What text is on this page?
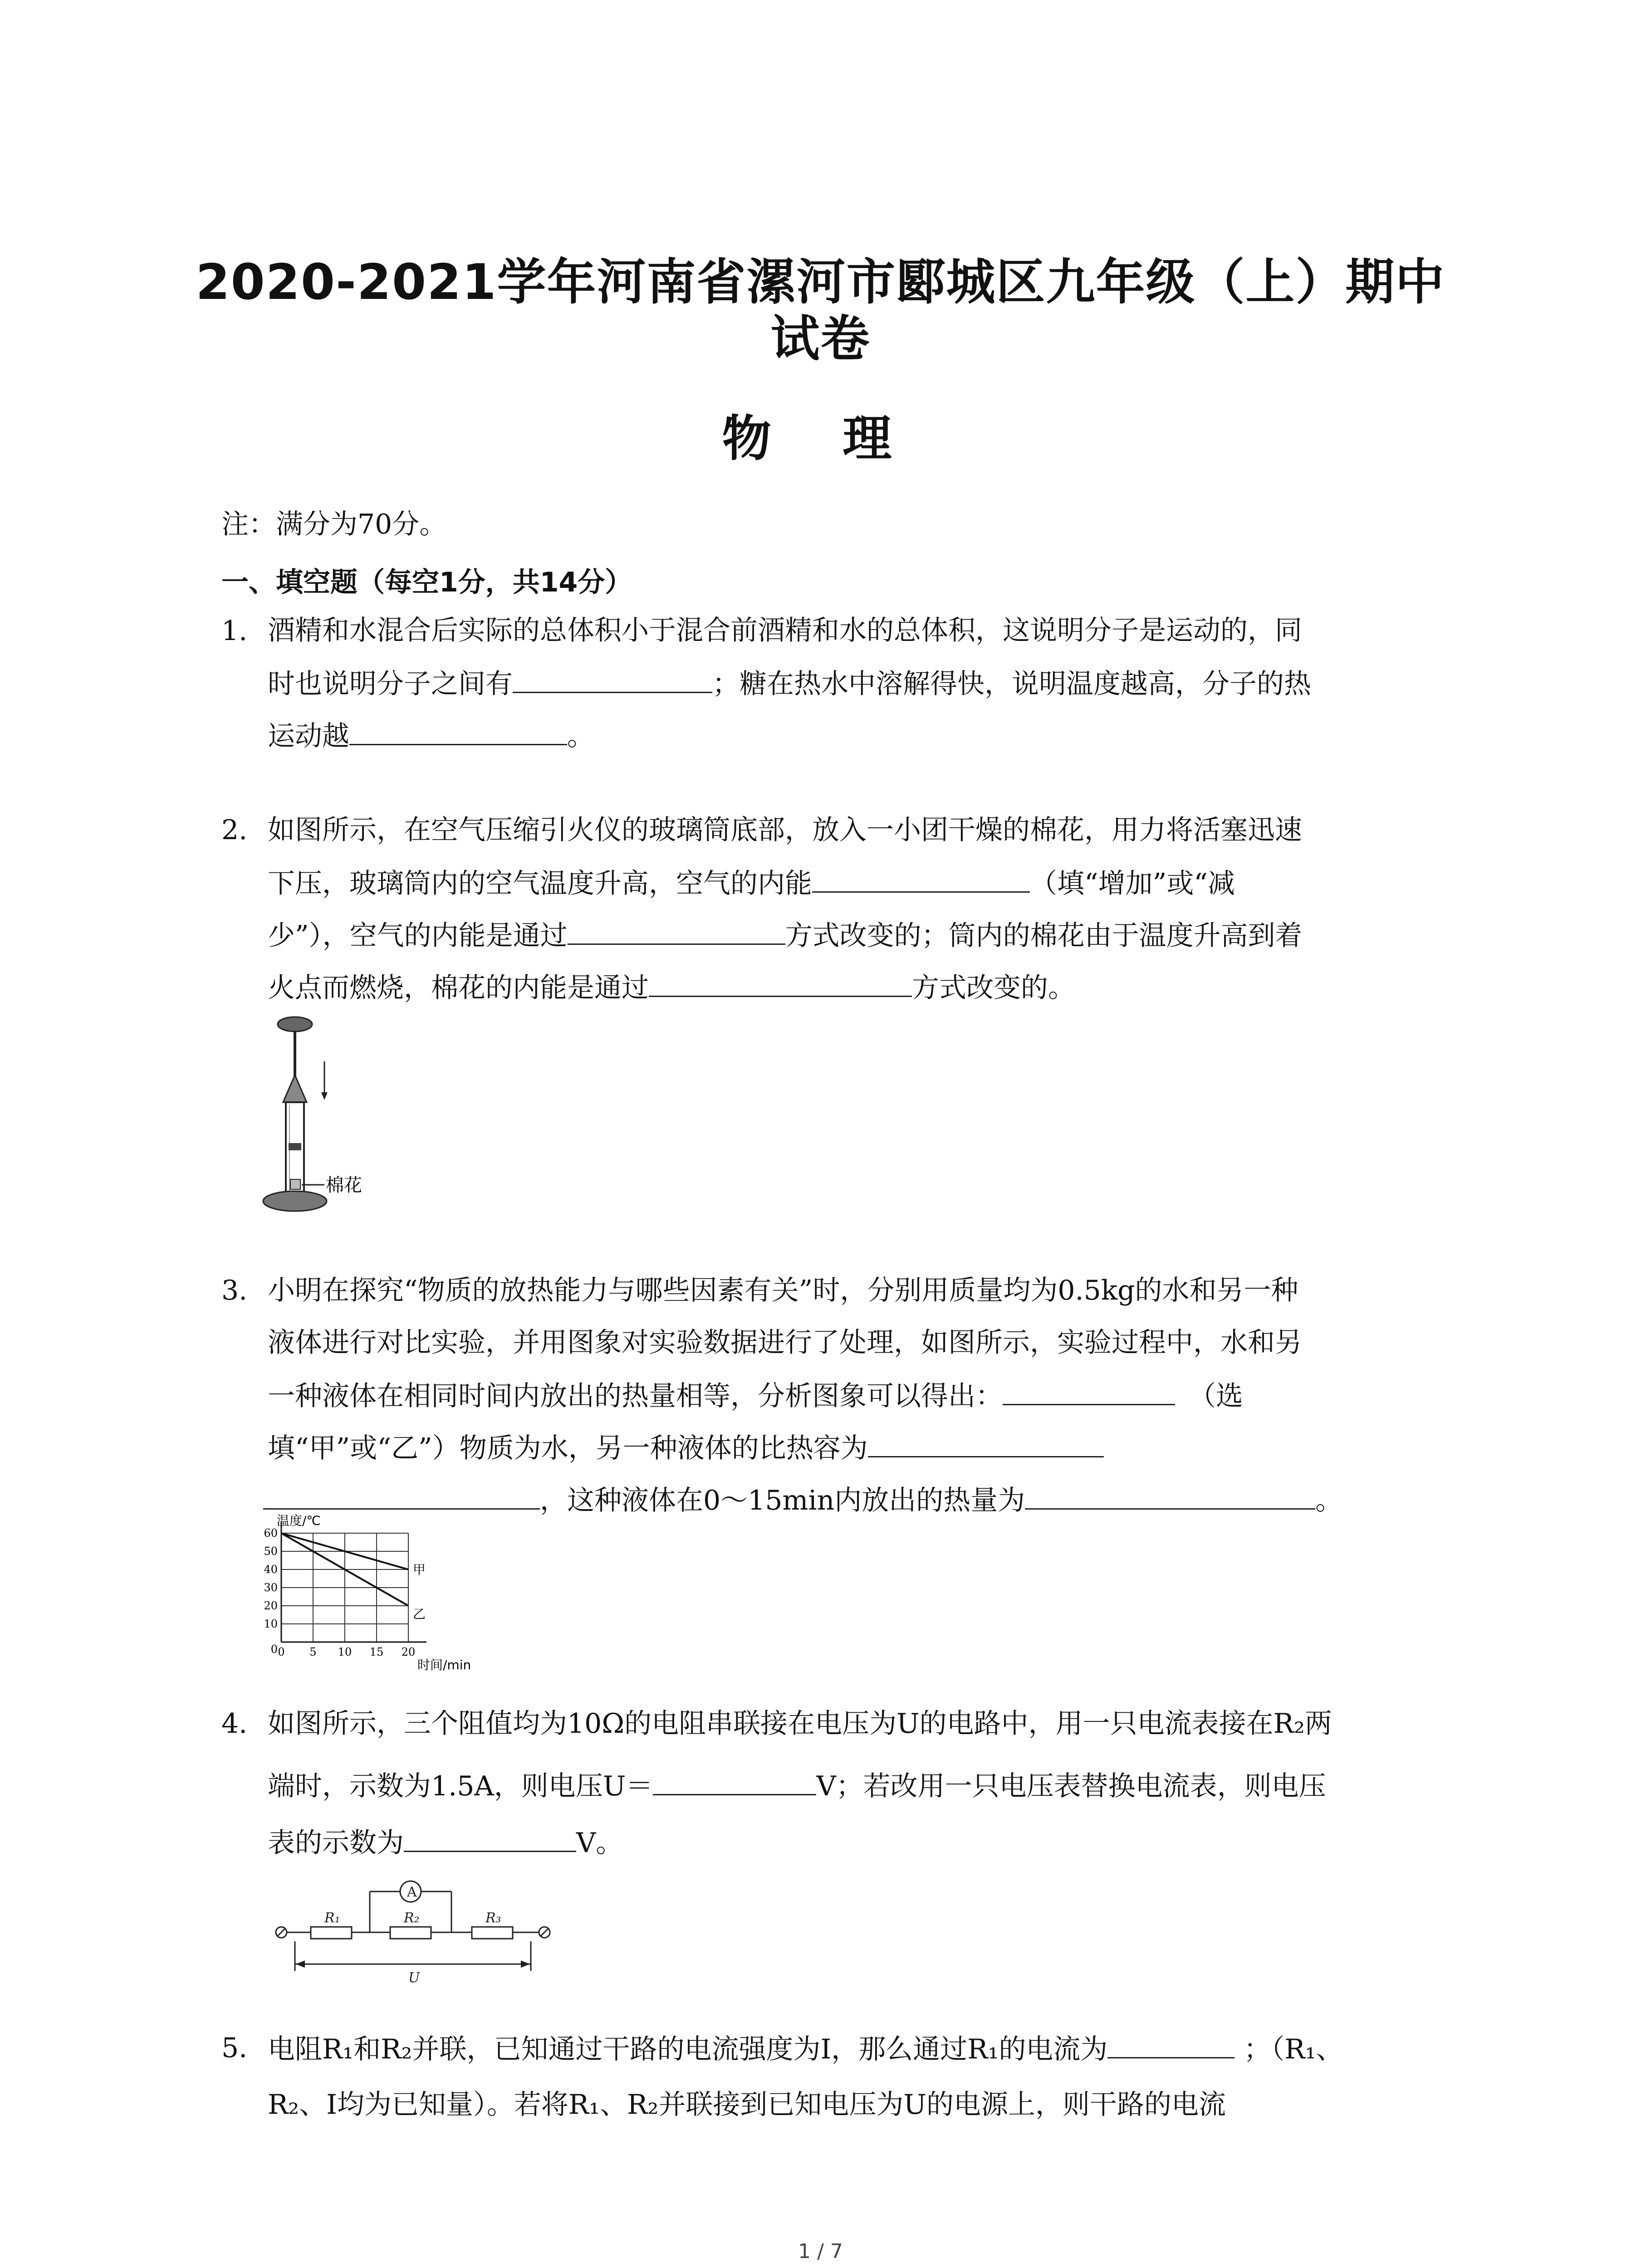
2020-2021学年河南省漯河市郾城区九年级（上）期中
试卷
物 理
注：满分为70分。
一、填空题（每空1分，共14分）
1. 酒精和水混合后实际的总体积小于混合前酒精和水的总体积，这说明分子是运动的，同
时也说明分子之间有	；糖在热水中溶解得快，说明温度越高，分子的热
运动越	。
2. 如图所示，在空气压缩引火仪的玻璃筒底部，放入一小团干燥的棉花，用力将活塞迅速
下压，玻璃筒内的空气温度升高，空气的内能	（填“增加”或“减
少”），空气的内能是通过	方式改变的；筒内的棉花由于温度升高到着
火点而燃烧，棉花的内能是通过	方式改变的。
棉花
3. 小明在探究“物质的放热能力与哪些因素有关”时，分别用质量均为0.5kg的水和另一种
液体进行对比实验，并用图象对实验数据进行了处理，如图所示，实验过程中，水和另
一种液体在相同时间内放出的热量相等，分析图象可以得出：	（选
填“甲”或“乙”）物质为水，另一种液体的比热容为
，这种液体在0～15min内放出的热量为	。
0 5 10 15 20
10
20
30
40
50
60
0
温度/℃
时间/min
甲
乙
4. 如图所示，三个阻值均为10Ω的电阻串联接在电压为U的电路中，用一只电流表接在R₂两
端时，示数为1.5A，则电压U＝	V；若改用一只电压表替换电流表，则电压
表的示数为	V。
R₁	R₂	R₃
A
U
5. 电阻R₁和R₂并联，已知通过干路的电流强度为I，那么通过R₁的电流为	；（R₁、
R₂、I均为已知量）。若将R₁、R₂并联接到已知电压为U的电源上，则干路的电流
1 / 7
